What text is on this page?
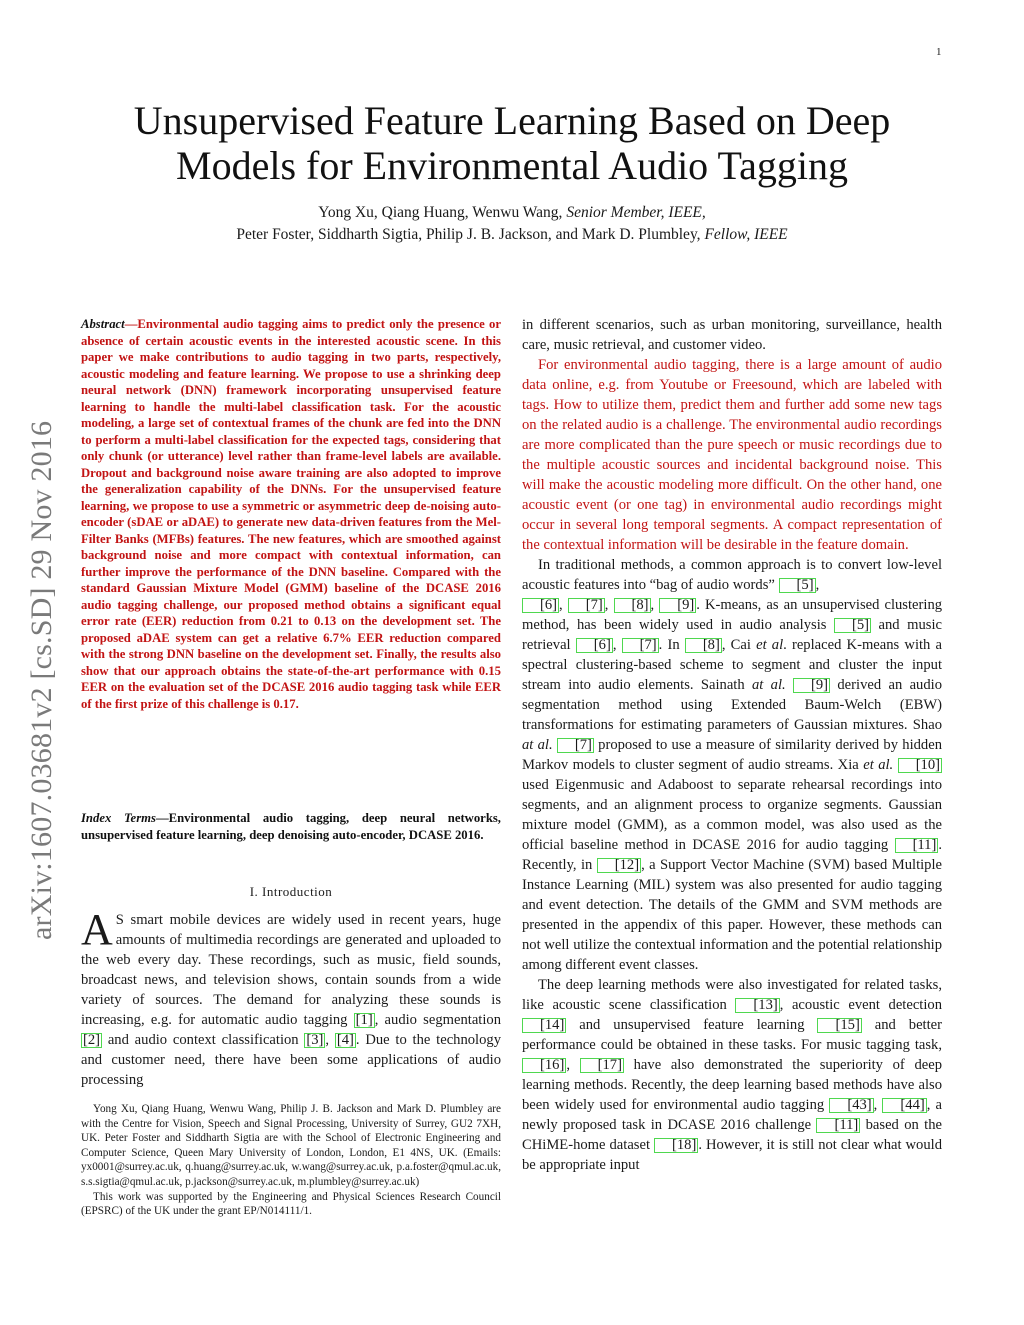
1
arXiv:1607.03681v2 [cs.SD] 29 Nov 2016
Unsupervised Feature Learning Based on Deep
Models for Environmental Audio Tagging
Yong Xu, Qiang Huang, Wenwu Wang, Senior Member, IEEE,
Peter Foster, Siddharth Sigtia, Philip J. B. Jackson, and Mark D. Plumbley, Fellow, IEEE
Abstract—Environmental audio tagging aims to predict only the presence or absence of certain acoustic events in the interested acoustic scene. In this paper we make contributions to audio tagging in two parts, respectively, acoustic modeling and feature learning. We propose to use a shrinking deep neural network (DNN) framework incorporating unsupervised feature learning to handle the multi-label classification task. For the acoustic modeling, a large set of contextual frames of the chunk are fed into the DNN to perform a multi-label classification for the expected tags, considering that only chunk (or utterance) level rather than frame-level labels are available. Dropout and background noise aware training are also adopted to improve the generalization capability of the DNNs. For the unsupervised feature learning, we propose to use a symmetric or asymmetric deep de-noising auto-encoder (sDAE or aDAE) to generate new data-driven features from the Mel-Filter Banks (MFBs) features. The new features, which are smoothed against background noise and more compact with contextual information, can further improve the performance of the DNN baseline. Compared with the standard Gaussian Mixture Model (GMM) baseline of the DCASE 2016 audio tagging challenge, our proposed method obtains a significant equal error rate (EER) reduction from 0.21 to 0.13 on the development set. The proposed aDAE system can get a relative 6.7% EER reduction compared with the strong DNN baseline on the development set. Finally, the results also show that our approach obtains the state-of-the-art performance with 0.15 EER on the evaluation set of the DCASE 2016 audio tagging task while EER of the first prize of this challenge is 0.17.
Index Terms—Environmental audio tagging, deep neural networks, unsupervised feature learning, deep denoising auto-encoder, DCASE 2016.
I. Introduction
A S smart mobile devices are widely used in recent years, huge amounts of multimedia recordings are generated and uploaded to the web every day. These recordings, such as music, field sounds, broadcast news, and television shows, contain sounds from a wide variety of sources. The demand for analyzing these sounds is increasing, e.g. for automatic audio tagging [1] , audio segmentation [2] and audio context classification [3] , [4] . Due to the technology and customer need, there have been some applications of audio processing

Yong Xu, Qiang Huang, Wenwu Wang, Philip J. B. Jackson and Mark D. Plumbley are with the Centre for Vision, Speech and Signal Processing, University of Surrey, GU2 7XH, UK. Peter Foster and Siddharth Sigtia are with the School of Electronic Engineering and Computer Science, Queen Mary University of London, London, E1 4NS, UK. (Emails: yx0001@surrey.ac.uk, q.huang@surrey.ac.uk, w.wang@surrey.ac.uk, p.a.foster@qmul.ac.uk, s.s.sigtia@qmul.ac.uk, p.jackson@surrey.ac.uk, m.plumbley@surrey.ac.uk)

This work was supported by the Engineering and Physical Sciences Research Council (EPSRC) of the UK under the grant EP/N014111/1.

in different scenarios, such as urban monitoring, surveillance, health care, music retrieval, and customer video.

For environmental audio tagging, there is a large amount of audio data online, e.g. from Youtube or Freesound, which are labeled with tags. How to utilize them, predict them and further add some new tags on the related audio is a challenge. The environmental audio recordings are more complicated than the pure speech or music recordings due to the multiple acoustic sources and incidental background noise. This will make the acoustic modeling more difficult. On the other hand, one acoustic event (or one tag) in environmental audio recordings might occur in several long temporal segments. A compact representation of the contextual information will be desirable in the feature domain.

In traditional methods, a common approach is to convert low-level acoustic features into “bag of audio words” [5] ,
[6] , [7] , [8] , [9] . K-means, as an unsupervised clustering method, has been widely used in audio analysis [5] and music retrieval [6] , [7] . In [8] , Cai et al. replaced K-means with a spectral clustering-based scheme to segment and cluster the input stream into audio elements. Sainath at al. [9] derived an audio segmentation method using Extended Baum-Welch (EBW) transformations for estimating parameters of Gaussian mixtures. Shao at al. [7] proposed to use a measure of similarity derived by hidden Markov models to cluster segment of audio streams. Xia et al. [10] used Eigenmusic and Adaboost to separate rehearsal recordings into segments, and an alignment process to organize segments. Gaussian mixture model (GMM), as a common model, was also used as the official baseline method in DCASE 2016 for audio tagging [11] . Recently, in [12] , a Support Vector Machine (SVM) based Multiple Instance Learning (MIL) system was also presented for audio tagging and event detection. The details of the GMM and SVM methods are presented in the appendix of this paper. However, these methods can not well utilize the contextual information and the potential relationship among different event classes.

The deep learning methods were also investigated for related tasks, like acoustic scene classification [13] , acoustic event detection [14] and unsupervised feature learning [15] and better performance could be obtained in these tasks. For music tagging task, [16] , [17] have also demonstrated the superiority of deep learning methods. Recently, the deep learning based methods have also been widely used for environmental audio tagging [43] , [44] , a newly proposed task in DCASE 2016 challenge [11] based on the CHiME-home dataset [18] . However, it is still not clear what would be appropriate input
